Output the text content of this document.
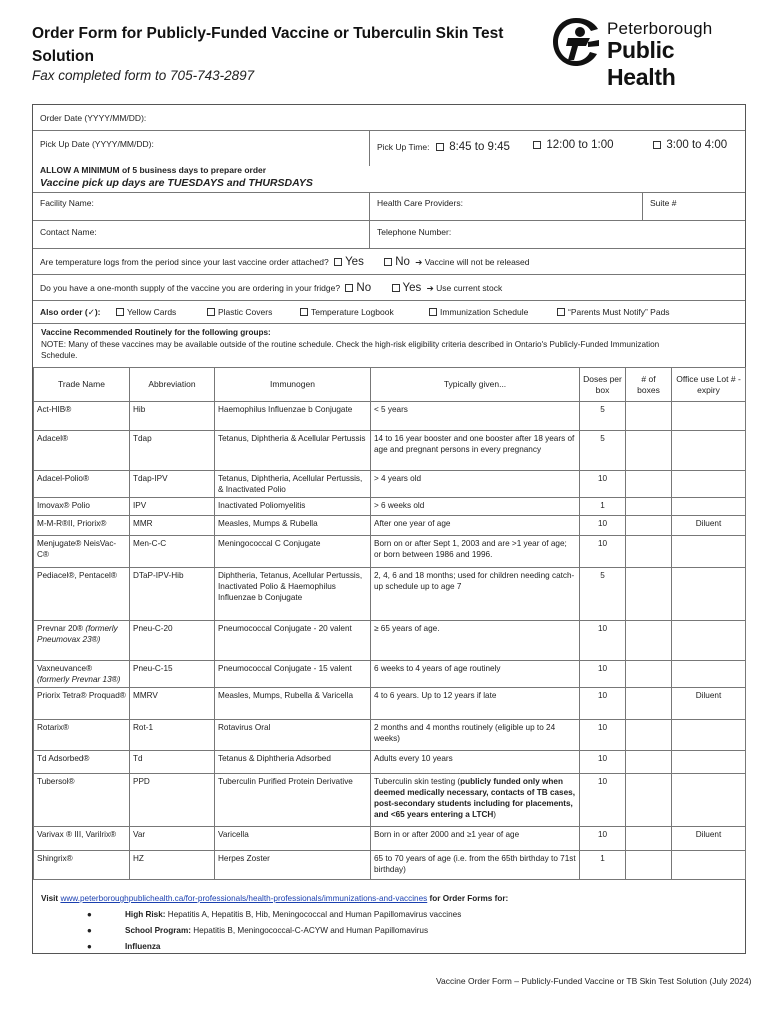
Order Form for Publicly-Funded Vaccine or Tuberculin Skin Test Solution
Fax completed form to 705-743-2897
Peterborough
Public Health
Order Date (YYYY/MM/DD):
Pick Up Date (YYYY/MM/DD):	Pick Up Time: 8:45 to 9:45	12:00 to 1:00	3:00 to 4:00
ALLOW A MINIMUM of 5 business days to prepare order
Vaccine pick up days are TUESDAYS and THURSDAYS
Facility Name:	Health Care Providers:	Suite #
Contact Name:	Telephone Number:
Are temperature logs from the period since your last vaccine order attached? Yes	No ➔ Vaccine will not be released
Do you have a one-month supply of the vaccine you are ordering in your fridge? No	Yes ➔ Use current stock
Also order (✓):	Yellow Cards	Plastic Covers	Temperature Logbook	Immunization Schedule	“Parents Must Notify” Pads
Vaccine Recommended Routinely for the following groups:
NOTE: Many of these vaccines may be available outside of the routine schedule. Check the high-risk eligibility criteria described in Ontario's Publicly-Funded Immunization
Schedule.
Trade Name	Abbreviation	Immunogen	Typically given...	Doses per box	# of boxes	Office use Lot # - expiry
Act-HIB®	Hib	Haemophilus Influenzae b Conjugate	< 5 years	5		
Adacel®	Tdap	Tetanus, Diphtheria & Acellular Pertussis	14 to 16 year booster and one booster after 18 years of age and pregnant persons in every pregnancy	5		
Adacel-Polio®	Tdap-IPV	Tetanus, Diphtheria, Acellular Pertussis, & Inactivated Polio	> 4 years old	10		
Imovax® Polio	IPV	Inactivated Poliomyelitis	> 6 weeks old	1		
M-M-R®II, Priorix®	MMR	Measles, Mumps & Rubella	After one year of age	10		Diluent
Menjugate® NeisVac-C®	Men-C-C	Meningococcal C Conjugate	Born on or after Sept 1, 2003 and are >1 year of age; or born between 1986 and 1996.	10		
Pediacel®, Pentacel®	DTaP-IPV-Hib	Diphtheria, Tetanus, Acellular Pertussis, Inactivated Polio & Haemophilus Influenzae b Conjugate	2, 4, 6 and 18 months; used for children needing catch-up schedule up to age 7	5		
Prevnar 20® (formerly Pneumovax 23®)	Pneu-C-20	Pneumococcal Conjugate - 20 valent	≥ 65 years of age.	10		
Vaxneuvance® (formerly Prevnar 13®)	Pneu-C-15	Pneumococcal Conjugate - 15 valent	6 weeks to 4 years of age routinely	10		
Priorix Tetra® Proquad®	MMRV	Measles, Mumps, Rubella & Varicella	4 to 6 years. Up to 12 years if late	10		Diluent
Rotarix®	Rot-1	Rotavirus Oral	2 months and 4 months routinely (eligible up to 24 weeks)	10		
Td Adsorbed®	Td	Tetanus & Diphtheria Adsorbed	Adults every 10 years	10		
Tubersol®	PPD	Tuberculin Purified Protein Derivative	Tuberculin skin testing (publicly funded only when deemed medically necessary, contacts of TB cases, post-secondary students including for placements, and <65 years entering a LTCH)	10		
Varivax ® III, Varilrix®	Var	Varicella	Born in or after 2000 and ≥1 year of age	10		Diluent
Shingrix®	HZ	Herpes Zoster	65 to 70 years of age (i.e. from the 65th birthday to 71st birthday)	1		
Visit www.peterboroughpublichealth.ca/for-professionals/health-professionals/immunizations-and-vaccines for Order Forms for:
●	High Risk: Hepatitis A, Hepatitis B, Hib, Meningococcal and Human Papillomavirus vaccines
●	School Program: Hepatitis B, Meningococcal-C-ACYW and Human Papillomavirus
●	Influenza
Vaccine Order Form – Publicly-Funded Vaccine or TB Skin Test Solution (July 2024)
